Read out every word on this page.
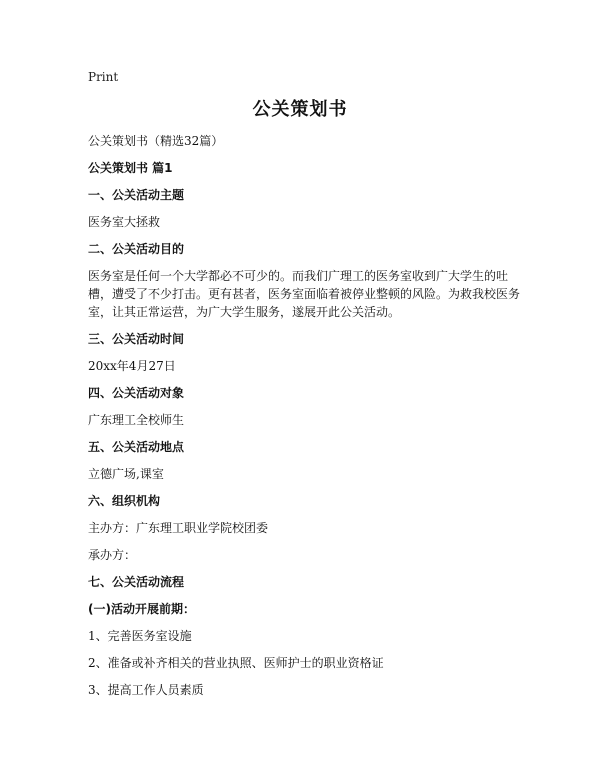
Print
公关策划书
公关策划书（精选32篇）
公关策划书 篇1
一、公关活动主题
医务室大拯救
二、公关活动目的
医务室是任何一个大学都必不可少的。而我们广理工的医务室收到广大学生的吐槽，遭受了不少打击。更有甚者，医务室面临着被停业整顿的风险。为救我校医务室，让其正常运营，为广大学生服务，遂展开此公关活动。
三、公关活动时间
20xx年4月27日
四、公关活动对象
广东理工全校师生
五、公关活动地点
立德广场,课室
六、组织机构
主办方：广东理工职业学院校团委
承办方：
七、公关活动流程
(一)活动开展前期：
1、完善医务室设施
2、准备或补齐相关的营业执照、医师护士的职业资格证
3、提高工作人员素质
